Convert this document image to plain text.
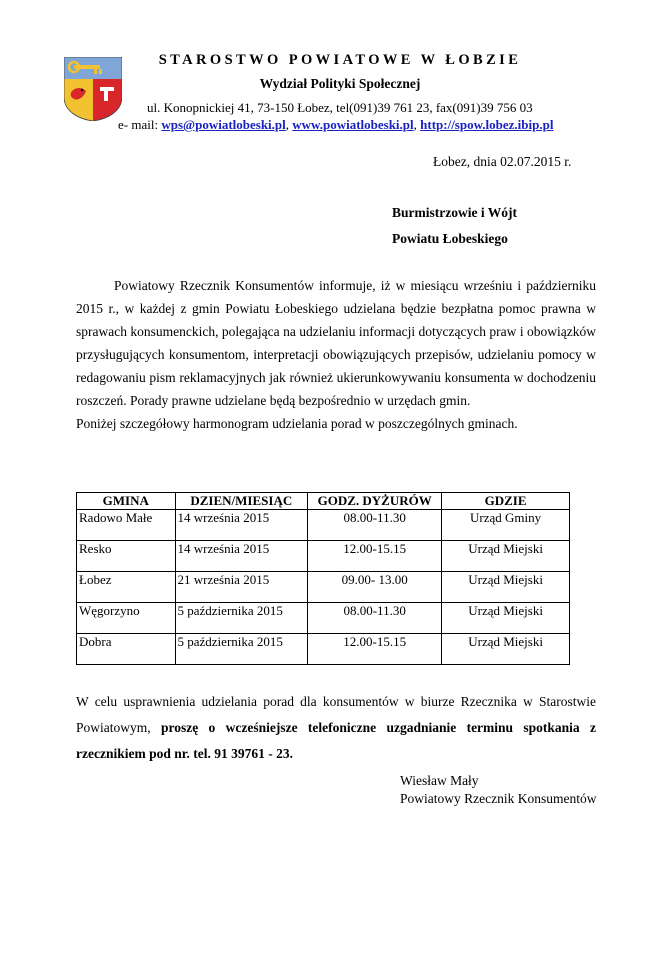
STAROSTWO POWIATOWE W ŁOBZIE
Wydział Polityki Społecznej
ul. Konopnickiej 41, 73-150 Łobez, tel(091)39 761 23, fax(091)39 756 03
e- mail: wps@powiatlobeski.pl, www.powiatlobeski.pl, http://spow.lobez.ibip.pl
Łobez, dnia 02.07.2015 r.
Burmistrzowie i Wójt
Powiatu Łobeskiego

Powiatowy Rzecznik Konsumentów informuje, iż w miesiącu wrześniu i październiku 2015 r., w każdej z gmin Powiatu Łobeskiego udzielana będzie bezpłatna pomoc prawna w sprawach konsumenckich, polegająca na udzielaniu informacji dotyczących praw i obowiązków przysługujących konsumentom, interpretacji obowiązujących przepisów, udzielaniu pomocy w redagowaniu pism reklamacyjnych jak również ukierunkowywaniu konsumenta w dochodzeniu roszczeń. Porady prawne udzielane będą bezpośrednio w urzędach gmin.

Poniżej szczegółowy harmonogram udzielania porad w poszczególnych gminach.

GMINA	DZIEN/MIESIĄC	GODZ. DYŻURÓW	GDZIE
Radowo Małe	14 września 2015	08.00-11.30	Urząd Gminy
Resko	14 września 2015	12.00-15.15	Urząd Miejski
Łobez	21 września 2015	09.00- 13.00	Urząd Miejski
Węgorzyno	5 października 2015	08.00-11.30	Urząd Miejski
Dobra	5 października 2015	12.00-15.15	Urząd Miejski
W celu usprawnienia udzielania porad dla konsumentów w biurze Rzecznika w Starostwie Powiatowym, proszę o wcześniejsze telefoniczne uzgadnianie terminu spotkania z rzecznikiem pod nr. tel. 91 39761 - 23.
Wiesław Mały
Powiatowy Rzecznik Konsumentów
